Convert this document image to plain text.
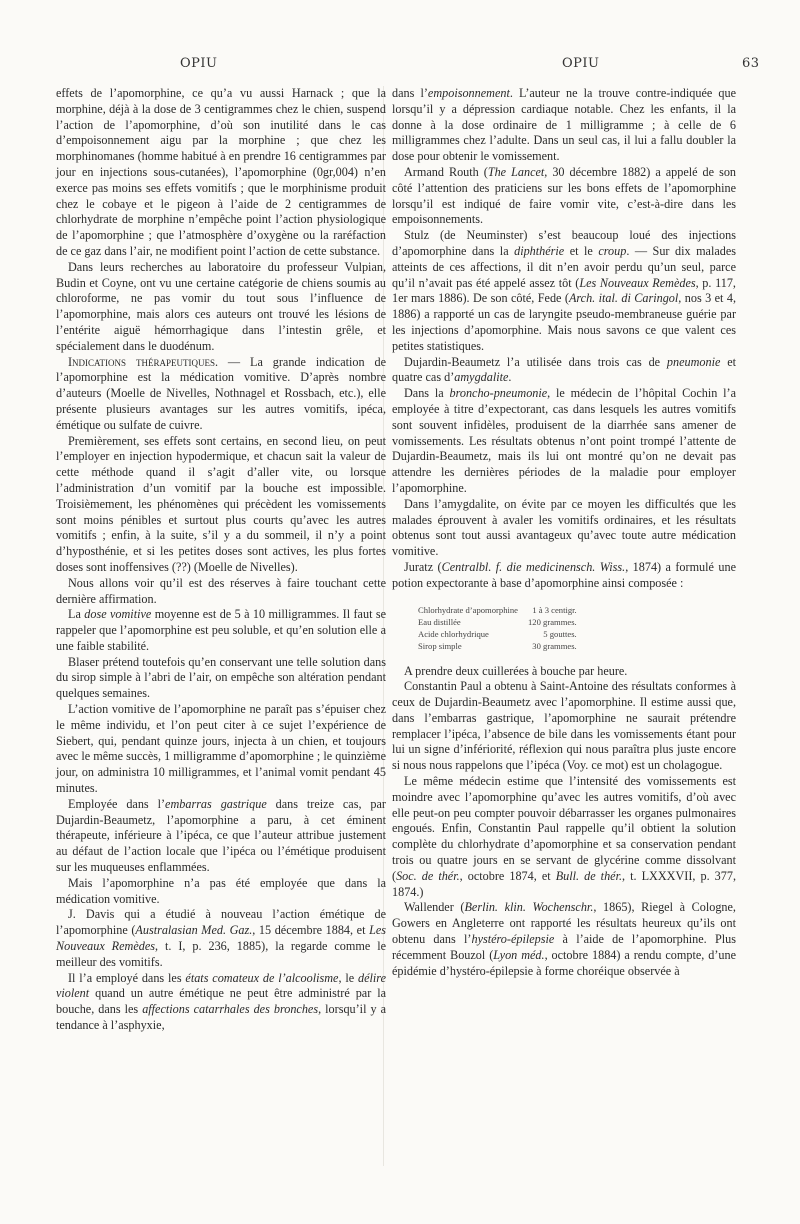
OPIU	OPIU	63

effets de l’apomorphine, ce qu’a vu aussi Harnack ; que la morphine, déjà à la dose de 3 centigrammes chez le chien, suspend l’action de l’apomorphine, d’où son inutilité dans le cas d’empoisonnement aigu par la morphine ; que chez les morphinomanes (homme habitué à en prendre 16 centigrammes par jour en injections sous-cutanées), l’apomorphine (0gr,004) n’en exerce pas moins ses effets vomitifs ; que le morphinisme produit chez le cobaye et le pigeon à l’aide de 2 centigrammes de chlorhydrate de morphine n’empêche point l’action physiologique de l’apomorphine ; que l’atmosphère d’oxygène ou la raréfaction de ce gaz dans l’air, ne modifient point l’action de cette substance.

Dans leurs recherches au laboratoire du professeur Vulpian, Budin et Coyne, ont vu une certaine catégorie de chiens soumis au chloroforme, ne pas vomir du tout sous l’influence de l’apomorphine, mais alors ces auteurs ont trouvé les lésions de l’entérite aiguë hémorrhagique dans l’intestin grêle, et spécialement dans le duodénum.

Indications thérapeutiques. — La grande indication de l’apomorphine est la médication vomitive. D’après nombre d’auteurs (Moelle de Nivelles, Nothnagel et Rossbach, etc.), elle présente plusieurs avantages sur les autres vomitifs, ipéca, émétique ou sulfate de cuivre.

Premièrement, ses effets sont certains, en second lieu, on peut l’employer en injection hypodermique, et chacun sait la valeur de cette méthode quand il s’agit d’aller vite, ou lorsque l’administration d’un vomitif par la bouche est impossible. Troisièmement, les phénomènes qui précèdent les vomissements sont moins pénibles et surtout plus courts qu’avec les autres vomitifs ; enfin, à la suite, s’il y a du sommeil, il n’y a point d’hyposthénie, et si les petites doses sont actives, les plus fortes doses sont inoffensives (??) (Moelle de Nivelles).

Nous allons voir qu’il est des réserves à faire touchant cette dernière affirmation.

La dose vomitive moyenne est de 5 à 10 milligrammes. Il faut se rappeler que l’apomorphine est peu soluble, et qu’en solution elle a une faible stabilité.

Blaser prétend toutefois qu’en conservant une telle solution dans du sirop simple à l’abri de l’air, on empêche son altération pendant quelques semaines.

L’action vomitive de l’apomorphine ne paraît pas s’épuiser chez le même individu, et l’on peut citer à ce sujet l’expérience de Siebert, qui, pendant quinze jours, injecta à un chien, et toujours avec le même succès, 1 milligramme d’apomorphine ; le quinzième jour, on administra 10 milligrammes, et l’animal vomit pendant 45 minutes.

Employée dans l’embarras gastrique dans treize cas, par Dujardin-Beaumetz, l’apomorphine a paru, à cet éminent thérapeute, inférieure à l’ipéca, ce que l’auteur attribue justement au défaut de l’action locale que l’ipéca ou l’émétique produisent sur les muqueuses enflammées.

Mais l’apomorphine n’a pas été employée que dans la médication vomitive.

J. Davis qui a étudié à nouveau l’action émétique de l’apomorphine (Australasian Med. Gaz., 15 décembre 1884, et Les Nouveaux Remèdes, t. I, p. 236, 1885), la regarde comme le meilleur des vomitifs.

Il l’a employé dans les états comateux de l’alcoolisme, le délire violent quand un autre émétique ne peut être administré par la bouche, dans les affections catarrhales des bronches, lorsqu’il y a tendance à l’asphyxie,

dans l’empoisonnement. L’auteur ne la trouve contre-indiquée que lorsqu’il y a dépression cardiaque notable. Chez les enfants, il la donne à la dose ordinaire de 1 milligramme ; à celle de 6 milligrammes chez l’adulte. Dans un seul cas, il lui a fallu doubler la dose pour obtenir le vomissement.

Armand Routh (The Lancet, 30 décembre 1882) a appelé de son côté l’attention des praticiens sur les bons effets de l’apomorphine lorsqu’il est indiqué de faire vomir vite, c’est-à-dire dans les empoisonnements.

Stulz (de Neuminster) s’est beaucoup loué des injections d’apomorphine dans la diphthérie et le croup. — Sur dix malades atteints de ces affections, il dit n’en avoir perdu qu’un seul, parce qu’il n’avait pas été appelé assez tôt (Les Nouveaux Remèdes, p. 117, 1er mars 1886). De son côté, Fede (Arch. ital. di Caringol, nos 3 et 4, 1886) a rapporté un cas de laryngite pseudo-membraneuse guérie par les injections d’apomorphine. Mais nous savons ce que valent ces petites statistiques.

Dujardin-Beaumetz l’a utilisée dans trois cas de pneumonie et quatre cas d’amygdalite.

Dans la broncho-pneumonie, le médecin de l’hôpital Cochin l’a employée à titre d’expectorant, cas dans lesquels les autres vomitifs sont souvent infidèles, produisent de la diarrhée sans amener de vomissements. Les résultats obtenus n’ont point trompé l’attente de Dujardin-Beaumetz, mais ils lui ont montré qu’on ne devait pas attendre les dernières périodes de la maladie pour employer l’apomorphine.

Dans l’amygdalite, on évite par ce moyen les difficultés que les malades éprouvent à avaler les vomitifs ordinaires, et les résultats obtenus sont tout aussi avantageux qu’avec toute autre médication vomitive.

Juratz (Centralbl. f. die medicinensch. Wiss., 1874) a formulé une potion expectorante à base d’apomorphine ainsi composée :

Chlorhydrate d’apomorphine	1 à 3 centigr.
Eau distillée	120 grammes.
Acide chlorhydrique	5 gouttes.
Sirop simple	30 grammes.

A prendre deux cuillerées à bouche par heure.

Constantin Paul a obtenu à Saint-Antoine des résultats conformes à ceux de Dujardin-Beaumetz avec l’apomorphine. Il estime aussi que, dans l’embarras gastrique, l’apomorphine ne saurait prétendre remplacer l’ipéca, l’absence de bile dans les vomissements étant pour lui un signe d’infériorité, réflexion qui nous paraîtra plus juste encore si nous nous rappelons que l’ipéca (Voy. ce mot) est un cholagogue.

Le même médecin estime que l’intensité des vomissements est moindre avec l’apomorphine qu’avec les autres vomitifs, d’où avec elle peut-on peu compter pouvoir débarrasser les organes pulmonaires engoués. Enfin, Constantin Paul rappelle qu’il obtient la solution complète du chlorhydrate d’apomorphine et sa conservation pendant trois ou quatre jours en se servant de glycérine comme dissolvant (Soc. de thér., octobre 1874, et Bull. de thér., t. LXXXVII, p. 377, 1874.)

Wallender (Berlin. klin. Wochenschr., 1865), Riegel à Cologne, Gowers en Angleterre ont rapporté les résultats heureux qu’ils ont obtenu dans l’hystéro-épilepsie à l’aide de l’apomorphine. Plus récemment Bouzol (Lyon méd., octobre 1884) a rendu compte, d’une épidémie d’hystéro-épilepsie à forme choréique observée à
